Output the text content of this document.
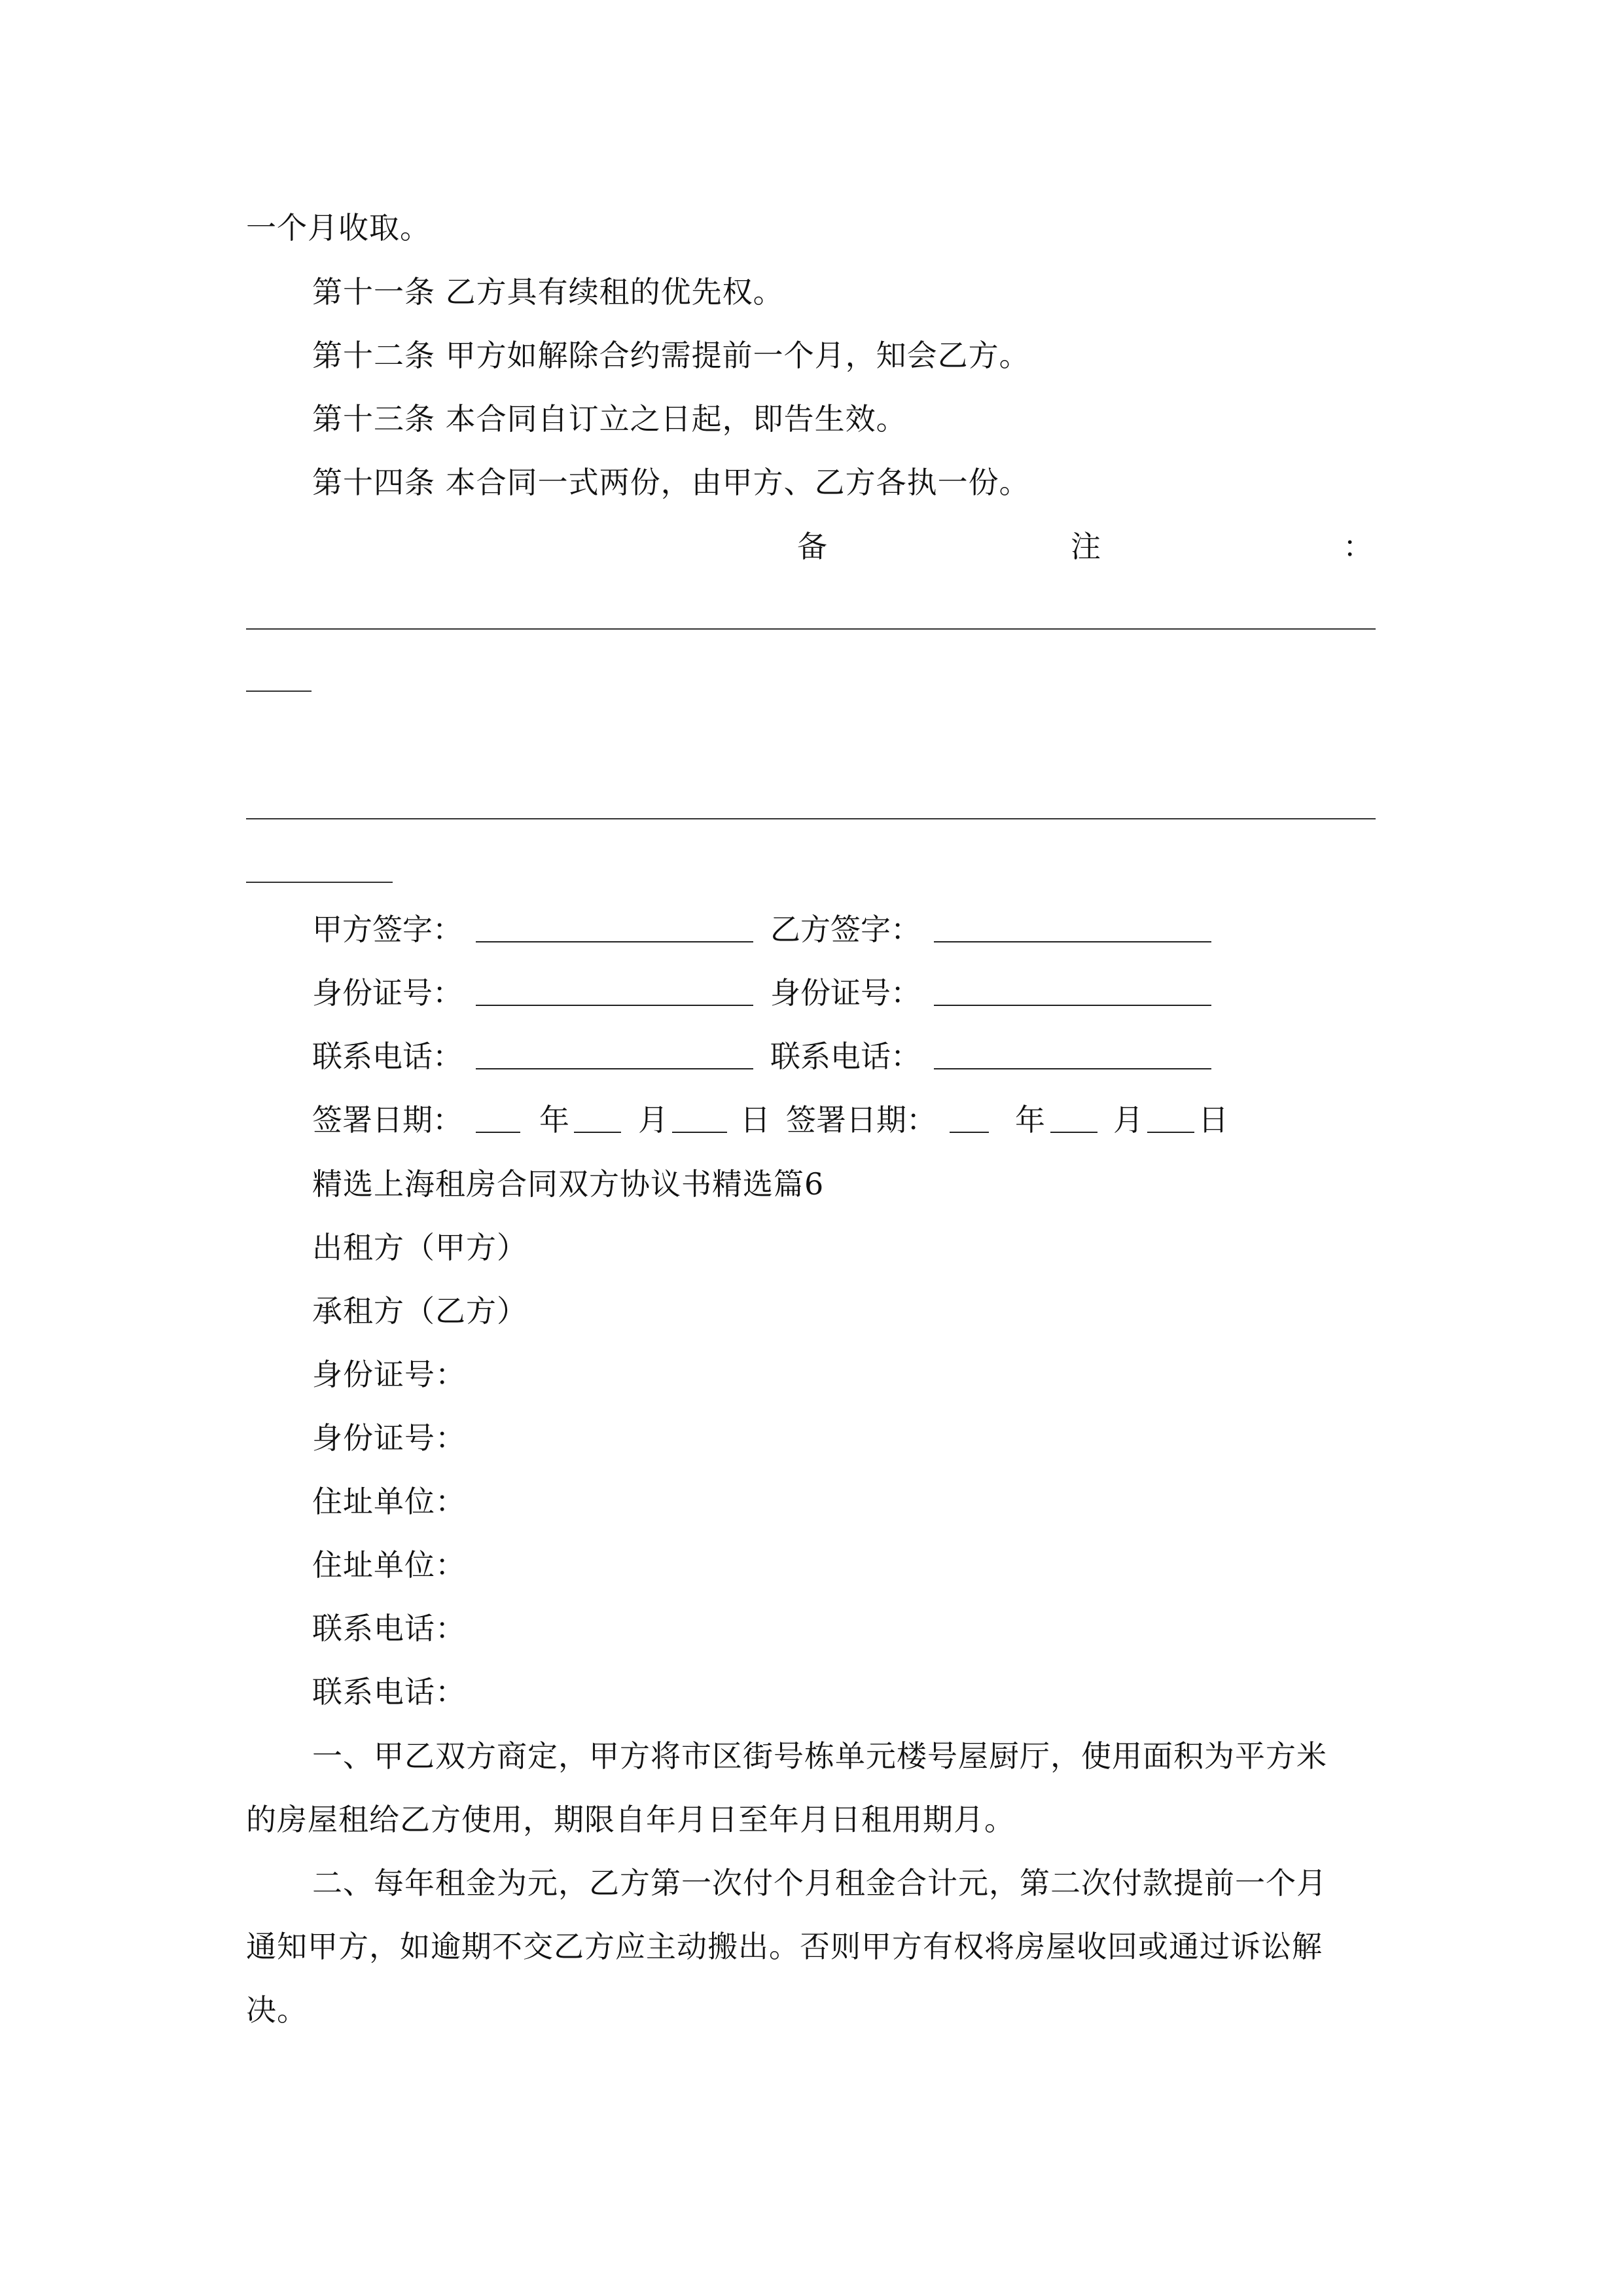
一个月收取。
第十一条 乙方具有续租的优先权。
第十二条 甲方如解除合约需提前一个月，知会乙方。
第十三条 本合同自订立之日起，即告生效。
第十四条 本合同一式两份，由甲方、乙方各执一份。
备	注	：
甲方签字：	乙方签字：
身份证号：	身份证号：
联系电话：	联系电话：
签署日期：	年 月 日 签署日期：	年 月 日
精选上海租房合同双方协议书精选篇6
出租方（甲方）
承租方（乙方）
身份证号：
身份证号：
住址单位：
住址单位：
联系电话：
联系电话：
一、甲乙双方商定，甲方将市区街号栋单元楼号屋厨厅，使用面积为平方米
的房屋租给乙方使用，期限自年月日至年月日租用期月。
二、每年租金为元，乙方第一次付个月租金合计元，第二次付款提前一个月
通知甲方，如逾期不交乙方应主动搬出。否则甲方有权将房屋收回或通过诉讼解
决。
